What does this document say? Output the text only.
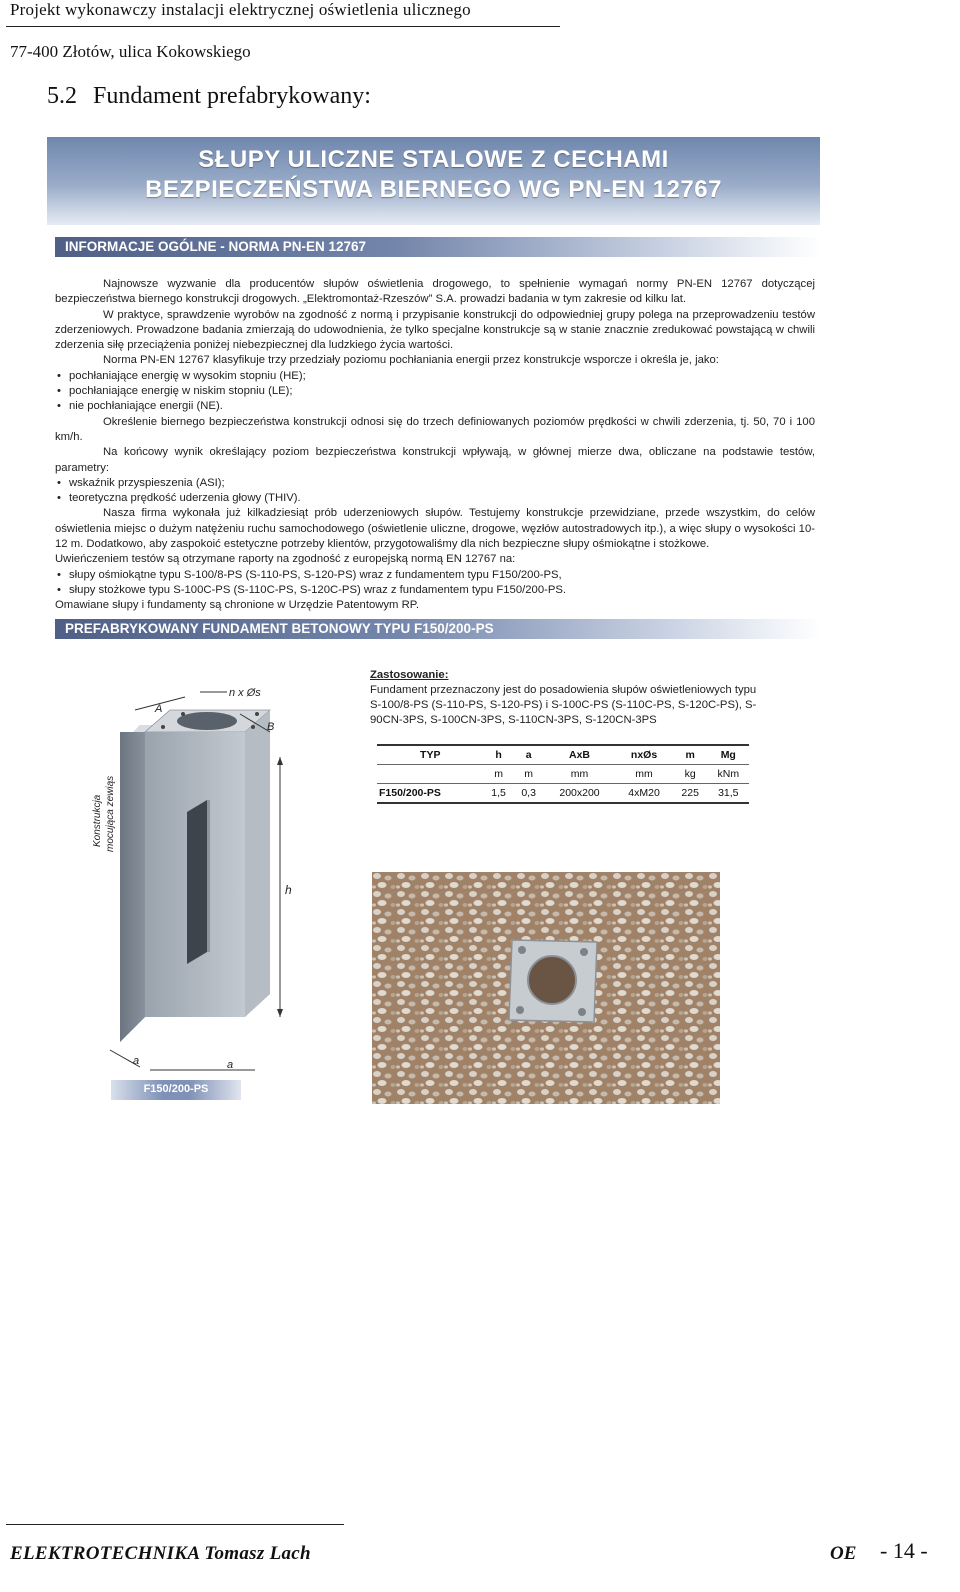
Projekt wykonawczy instalacji elektrycznej oświetlenia ulicznego
77-400 Złotów, ulica Kokowskiego
5.2 Fundament prefabrykowany:
SŁUPY ULICZNE STALOWE Z CECHAMI
BEZPIECZEŃSTWA BIERNEGO WG PN-EN 12767
INFORMACJE OGÓLNE - NORMA PN-EN 12767

Najnowsze wyzwanie dla producentów słupów oświetlenia drogowego, to spełnienie wymagań normy PN-EN 12767 dotyczącej bezpieczeństwa biernego konstrukcji drogowych. „Elektromontaż-Rzeszów” S.A. prowadzi badania w tym zakresie od kilku lat.

W praktyce, sprawdzenie wyrobów na zgodność z normą i przypisanie konstrukcji do odpowiedniej grupy polega na przeprowadzeniu testów zderzeniowych. Prowadzone badania zmierzają do udowodnienia, że tylko specjalne konstrukcje są w stanie znacznie zredukować powstającą w chwili zderzenia siłę przeciążenia poniżej niebezpiecznej dla ludzkiego życia wartości.

Norma PN-EN 12767 klasyfikuje trzy przedziały poziomu pochłaniania energii przez konstrukcje wsporcze i określa je, jako:

• pochłaniające energię w wysokim stopniu (HE);
• pochłaniające energię w niskim stopniu (LE);
• nie pochłaniające energii (NE).

Określenie biernego bezpieczeństwa konstrukcji odnosi się do trzech definiowanych poziomów prędkości w chwili zderzenia, tj. 50, 70 i 100 km/h.

Na końcowy wynik określający poziom bezpieczeństwa konstrukcji wpływają, w głównej mierze dwa, obliczane na podstawie testów, parametry:

• wskaźnik przyspieszenia (ASI);
• teoretyczna prędkość uderzenia głowy (THIV).

Nasza firma wykonała już kilkadziesiąt prób uderzeniowych słupów. Testujemy konstrukcje przewidziane, przede wszystkim, do celów oświetlenia miejsc o dużym natężeniu ruchu samochodowego (oświetlenie uliczne, drogowe, węzłów autostradowych itp.), a więc słupy o wysokości 10-12 m. Dodatkowo, aby zaspokoić estetyczne potrzeby klientów, przygotowaliśmy dla nich bezpieczne słupy ośmiokątne i stożkowe.

Uwieńczeniem testów są otrzymane raporty na zgodność z europejską normą EN 12767 na:

• słupy ośmiokątne typu S-100/8-PS (S-110-PS, S-120-PS) wraz z fundamentem typu F150/200-PS,
• słupy stożkowe typu S-100C-PS (S-110C-PS, S-120C-PS) wraz z fundamentem typu F150/200-PS.

Omawiane słupy i fundamenty są chronione w Urzędzie Patentowym RP.

PREFABRYKOWANY FUNDAMENT BETONOWY TYPU F150/200-PS
n x Øs
A
B
h
a	a
Konstrukcja mocująca zewiąs
F150/200-PS
Zastosowanie:
Fundament przeznaczony jest do posadowienia słupów oświetleniowych typu S-100/8-PS (S-110-PS, S-120-PS) i S-100C-PS (S-110C-PS, S-120C-PS), S-90CN-3PS, S-100CN-3PS, S-110CN-3PS, S-120CN-3PS
TYP	h	a	AxB	nxØs	m	Mg
	m	m	mm	mm	kg	kNm
F150/200-PS	1,5	0,3	200x200	4xM20	225	31,5
ELEKTROTECHNIKA Tomasz Lach	OE - 14 -
